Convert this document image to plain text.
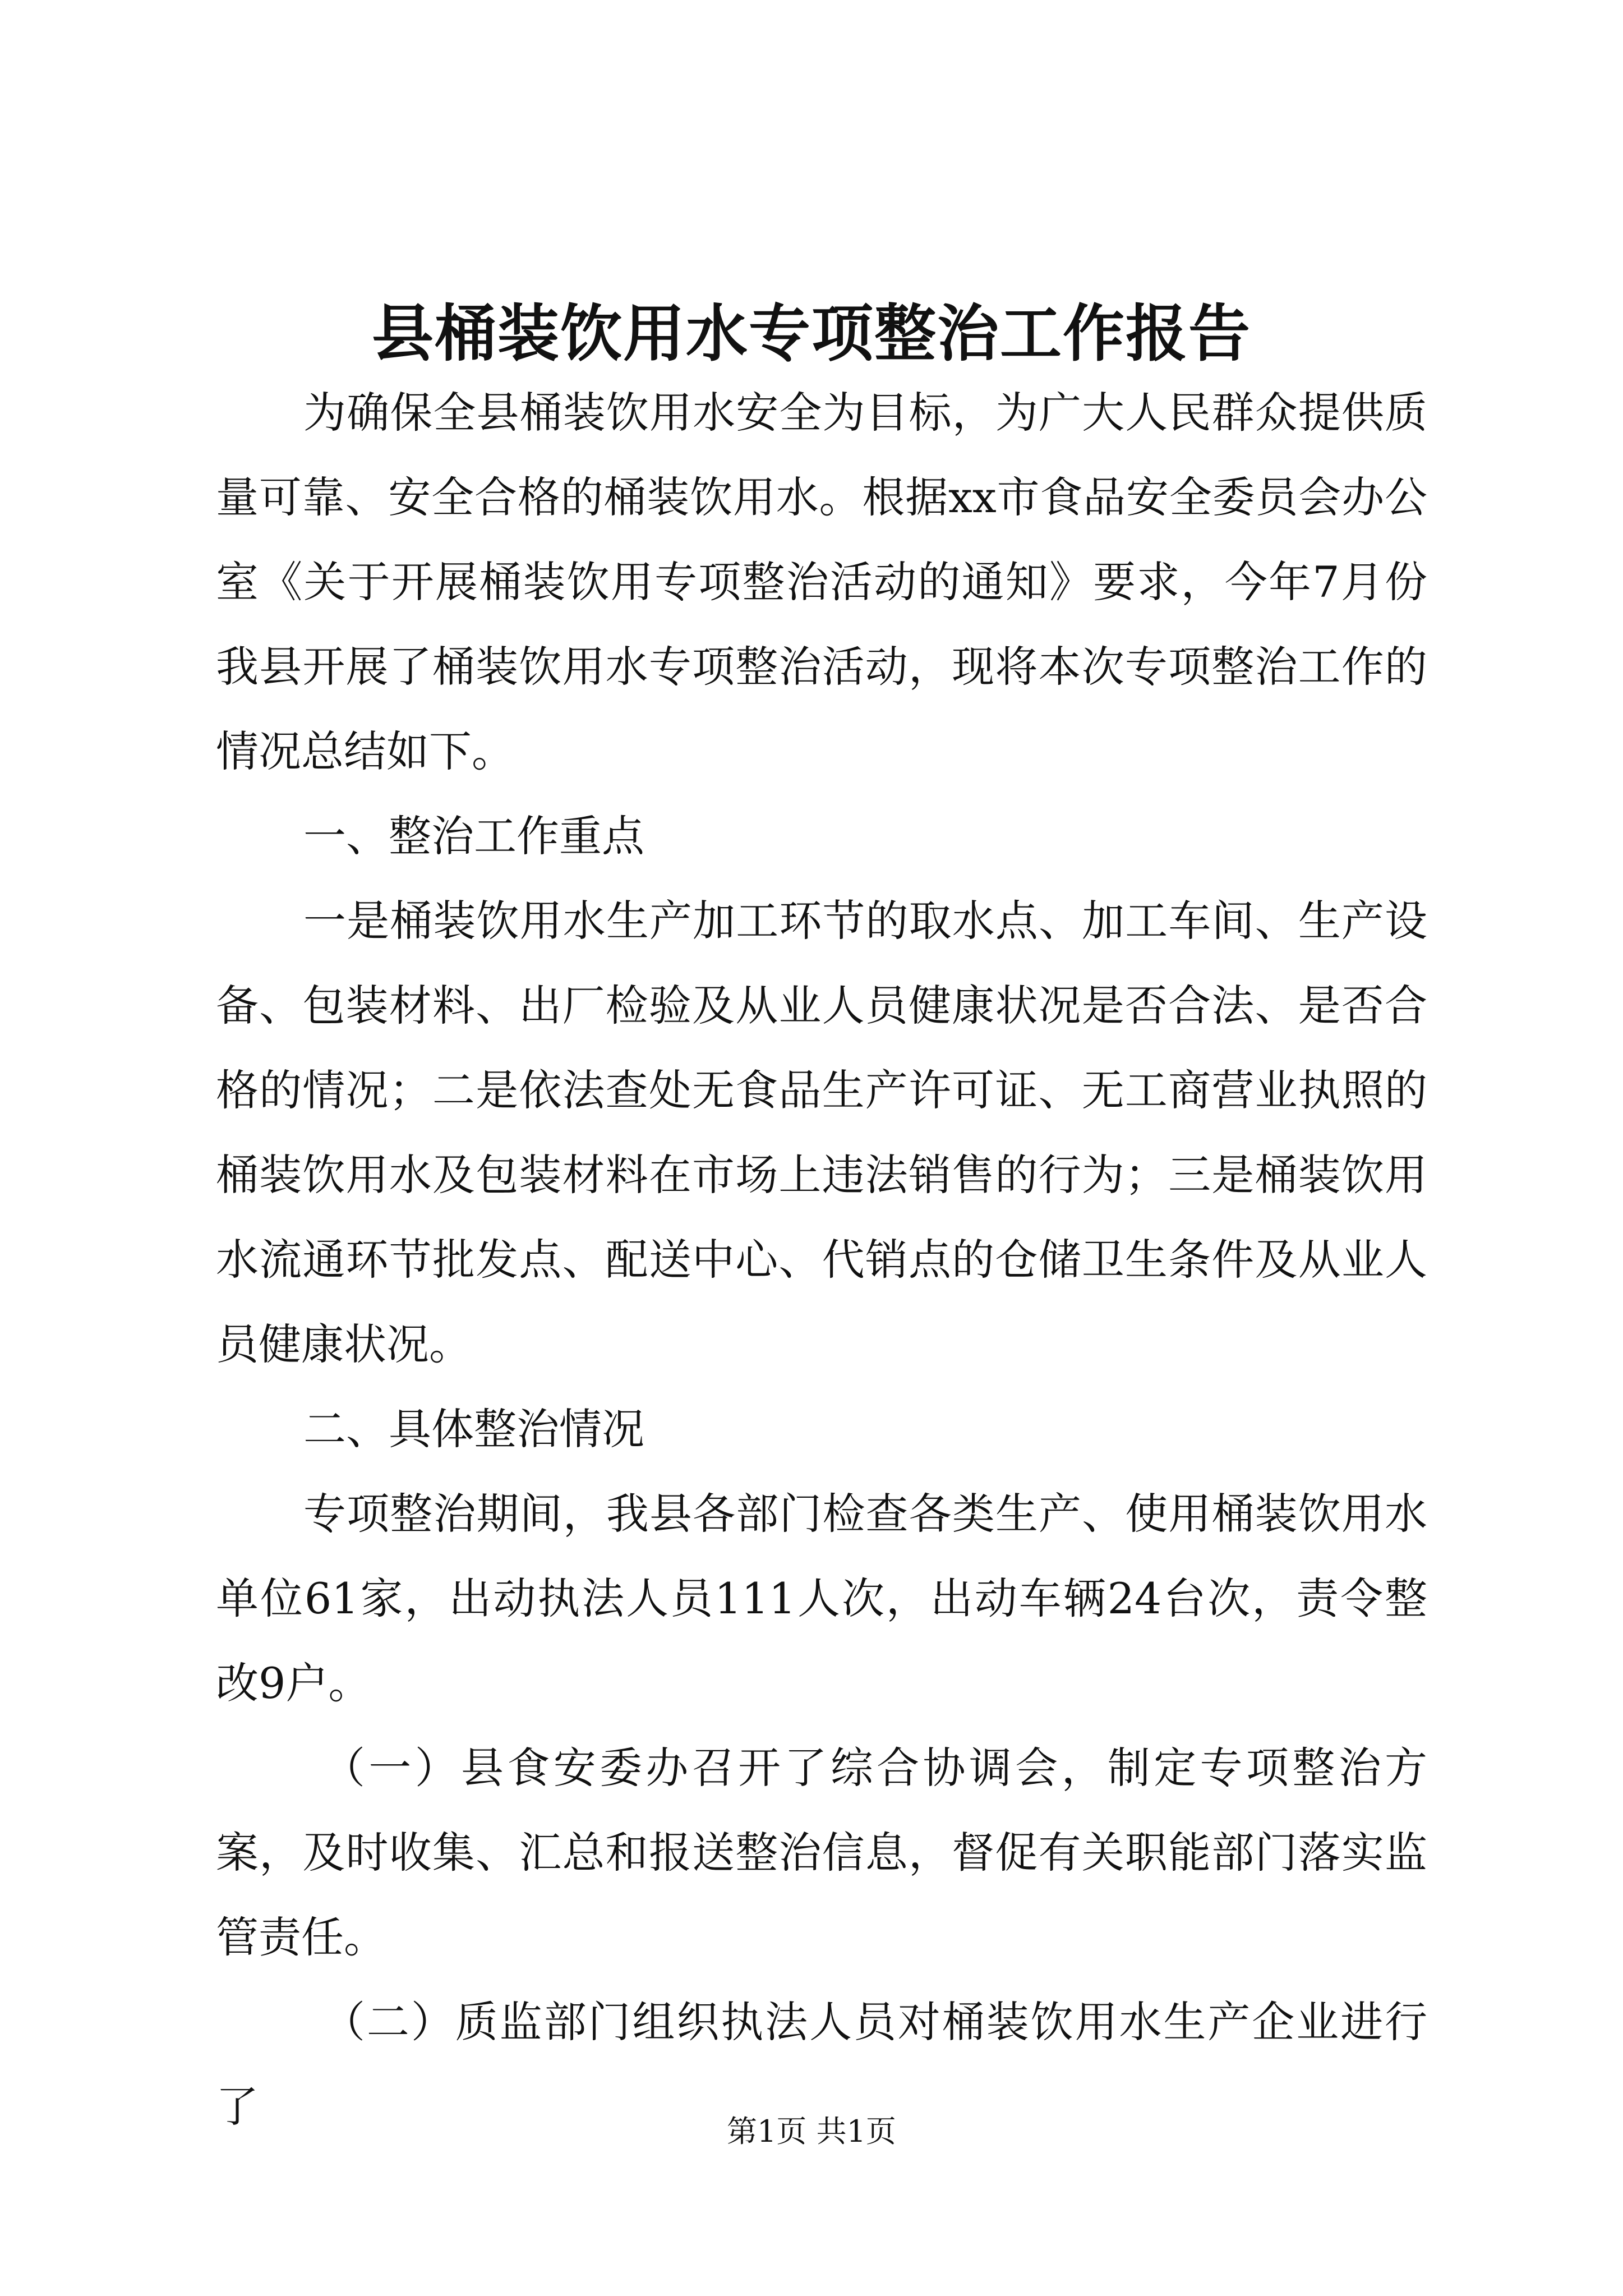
县桶装饮用水专项整治工作报告

为确保全县桶装饮用水安全为目标，为广大人民群众提供质量可靠、安全合格的桶装饮用水。根据xx市食品安全委员会办公室《关于开展桶装饮用专项整治活动的通知》要求，今年7月份我县开展了桶装饮用水专项整治活动，现将本次专项整治工作的情况总结如下。

一、整治工作重点

一是桶装饮用水生产加工环节的取水点、加工车间、生产设备、包装材料、出厂检验及从业人员健康状况是否合法、是否合格的情况；二是依法查处无食品生产许可证、无工商营业执照的桶装饮用水及包装材料在市场上违法销售的行为；三是桶装饮用水流通环节批发点、配送中心、代销点的仓储卫生条件及从业人员健康状况。

二、具体整治情况

专项整治期间，我县各部门检查各类生产、使用桶装饮用水单位61家，出动执法人员111人次，出动车辆24台次，责令整改9户。

（一）县食安委办召开了综合协调会，制定专项整治方案，及时收集、汇总和报送整治信息，督促有关职能部门落实监管责任。

（二）质监部门组织执法人员对桶装饮用水生产企业进行了	第1页 共1页
